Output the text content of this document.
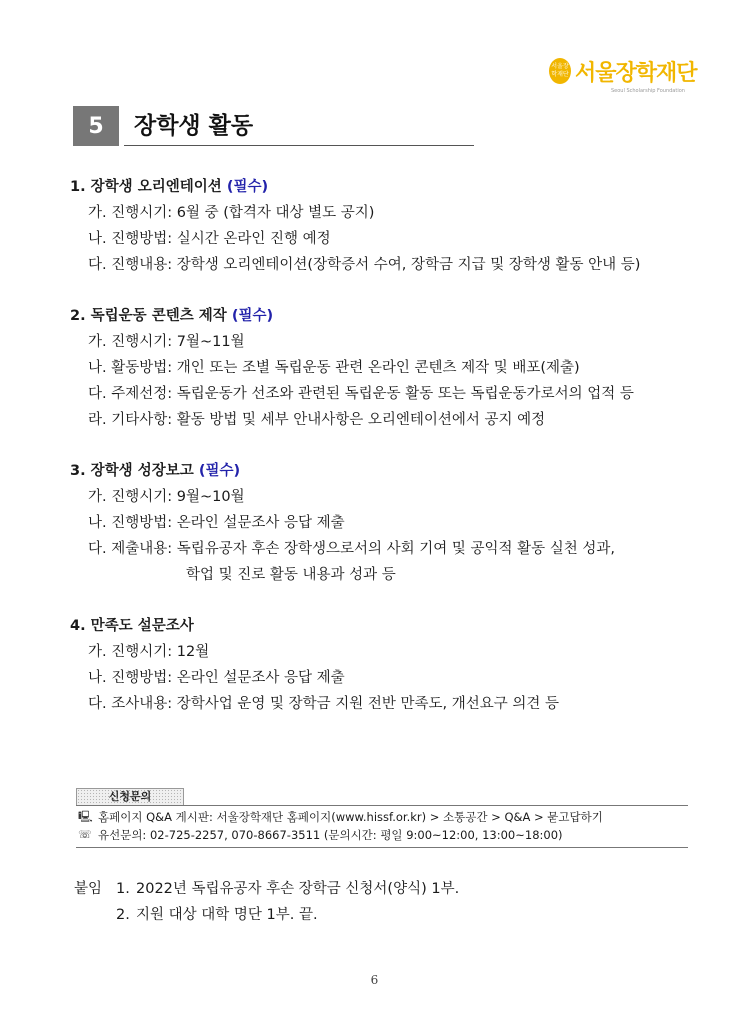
서울장학재단 서울장학재단
Seoul Scholarship Foundation
5	장학생 활동
1. 장학생 오리엔테이션 (필수)
가. 진행시기: 6월 중 (합격자 대상 별도 공지)
나. 진행방법: 실시간 온라인 진행 예정
다. 진행내용: 장학생 오리엔테이션(장학증서 수여, 장학금 지급 및 장학생 활동 안내 등)
2. 독립운동 콘텐츠 제작 (필수)
가. 진행시기: 7월~11월
나. 활동방법: 개인 또는 조별 독립운동 관련 온라인 콘텐츠 제작 및 배포(제출)
다. 주제선정: 독립운동가 선조와 관련된 독립운동 활동 또는 독립운동가로서의 업적 등
라. 기타사항: 활동 방법 및 세부 안내사항은 오리엔테이션에서 공지 예정
3. 장학생 성장보고 (필수)
가. 진행시기: 9월~10월
나. 진행방법: 온라인 설문조사 응답 제출
다. 제출내용: 독립유공자 후손 장학생으로서의 사회 기여 및 공익적 활동 실천 성과,
학업 및 진로 활동 내용과 성과 등
4. 만족도 설문조사
가. 진행시기: 12월
나. 진행방법: 온라인 설문조사 응답 제출
다. 조사내용: 장학사업 운영 및 장학금 지원 전반 만족도, 개선요구 의견 등
신청문의
🖳 홈페이지 Q&A 게시판: 서울장학재단 홈페이지(www.hissf.or.kr) > 소통공간 > Q&A > 묻고답하기
☏ 유선문의: 02-725-2257, 070-8667-3511 (문의시간: 평일 9:00~12:00, 13:00~18:00)
붙임 1. 2022년 독립유공자 후손 장학금 신청서(양식) 1부.
2. 지원 대상 대학 명단 1부. 끝.
6
